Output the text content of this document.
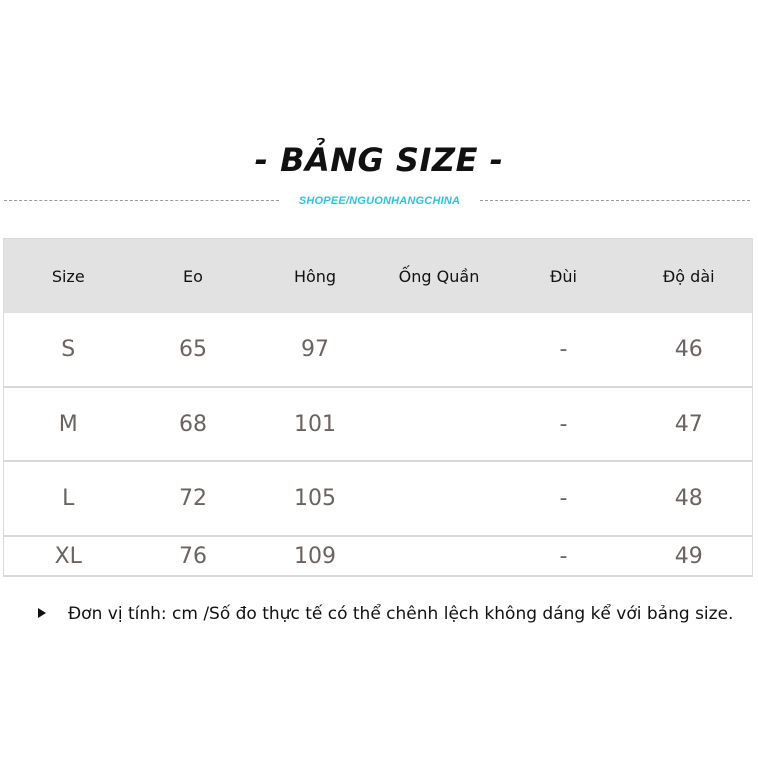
- BẢNG SIZE -
SHOPEE/NGUONHANGCHINA
Size	Eo	Hông	Ống Quần	Đùi	Độ dài
S	65	97		-	46
M	68	101		-	47
L	72	105		-	48
XL	76	109		-	49
Đơn vị tính: cm /Số đo thực tế có thể chênh lệch không dáng kể với bảng size.
